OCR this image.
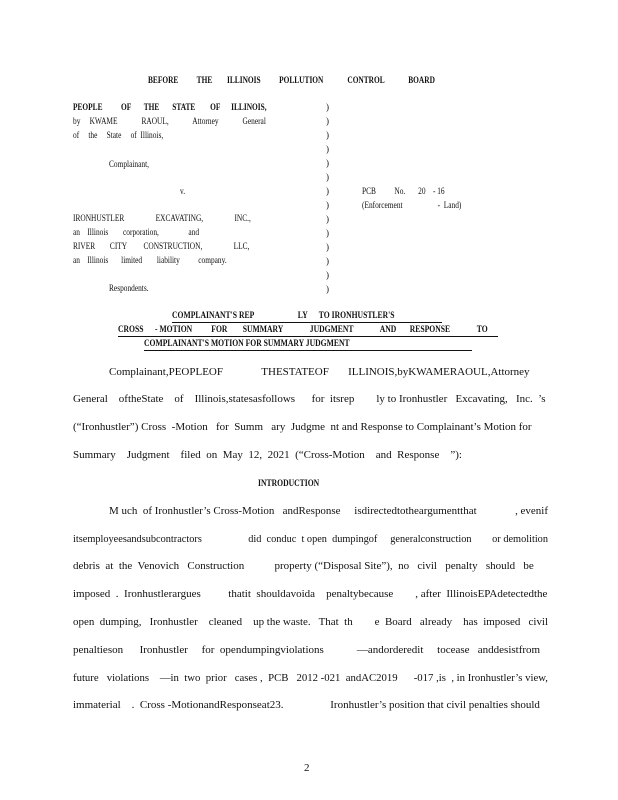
BEFORE          THE        ILLINOIS          POLLUTION             CONTROL             BOARD
PEOPLE          OF       THE       STATE        OF      ILLINOIS,
by     KWAME             RAOUL,             Attorney             General
of     the     State     of  Illinois,
Complainant,
v.	PCB          No.       20    - 16
(Enforcement                   -  Land)
IRONHUSTLER                 EXCAVATING,                 INC.,
an    Illinois        corporation,                and
RIVER        CITY         CONSTRUCTION,                 LLC,
an    Illinois       limited        liability          company.
Respondents.
)
)
)
)
)
)
)
)
)
)
)
)
)
)
COMPLAINANT'S REP                       LY      TO IRONHUSTLER'S
CROSS      - MOTION          FOR        SUMMARY              JUDGMENT              AND       RESPONSE              TO
COMPLAINANT'S MOTION FOR SUMMARY JUDGMENT
Complainant,PEOPLEOF              THESTATEOF       ILLINOIS,byKWAMERAOUL,Attorney
General    oftheState    of    Illinois,statesasfollows      for  itsrep        ly to Ironhustler   Excavating,   Inc.  ’s
(“Ironhustler”) Cross  -Motion   for  Summ   ary  Judgme  nt and Response to Complainant’s Motion for
Summary    Judgment    filed  on  May  12,  2021  (“Cross-Motion    and  Response    ”):
INTRODUCTION
M uch  of Ironhustler’s Cross-Motion   andResponse     isdirectedtotheargumentthat              , evenif
itsemployeesandsubcontractors                  did  conduc  t open  dumpingof     generalconstruction        or demolition
debris  at  the  Venovich   Construction           property (“Disposal Site”),  no   civil   penalty   should   be
imposed  .  Ironhustlerargues          thatit  shouldavoida    penaltybecause        , after  IllinoisEPAdetectedthe
open  dumping,   Ironhustler    cleaned    up the waste.   That  th        e  Board   already    has  imposed   civil
penaltieson      Ironhustler     for  opendumpingviolations            —andorderedit     tocease   anddesistfrom
future   violations    —in  two  prior   cases ,  PCB   2012 -021  andAC2019      -017 ,is  , in Ironhustler’s view,
immaterial    .  Cross -MotionandResponseat23.                 Ironhustler’s position that civil penalties should
2
